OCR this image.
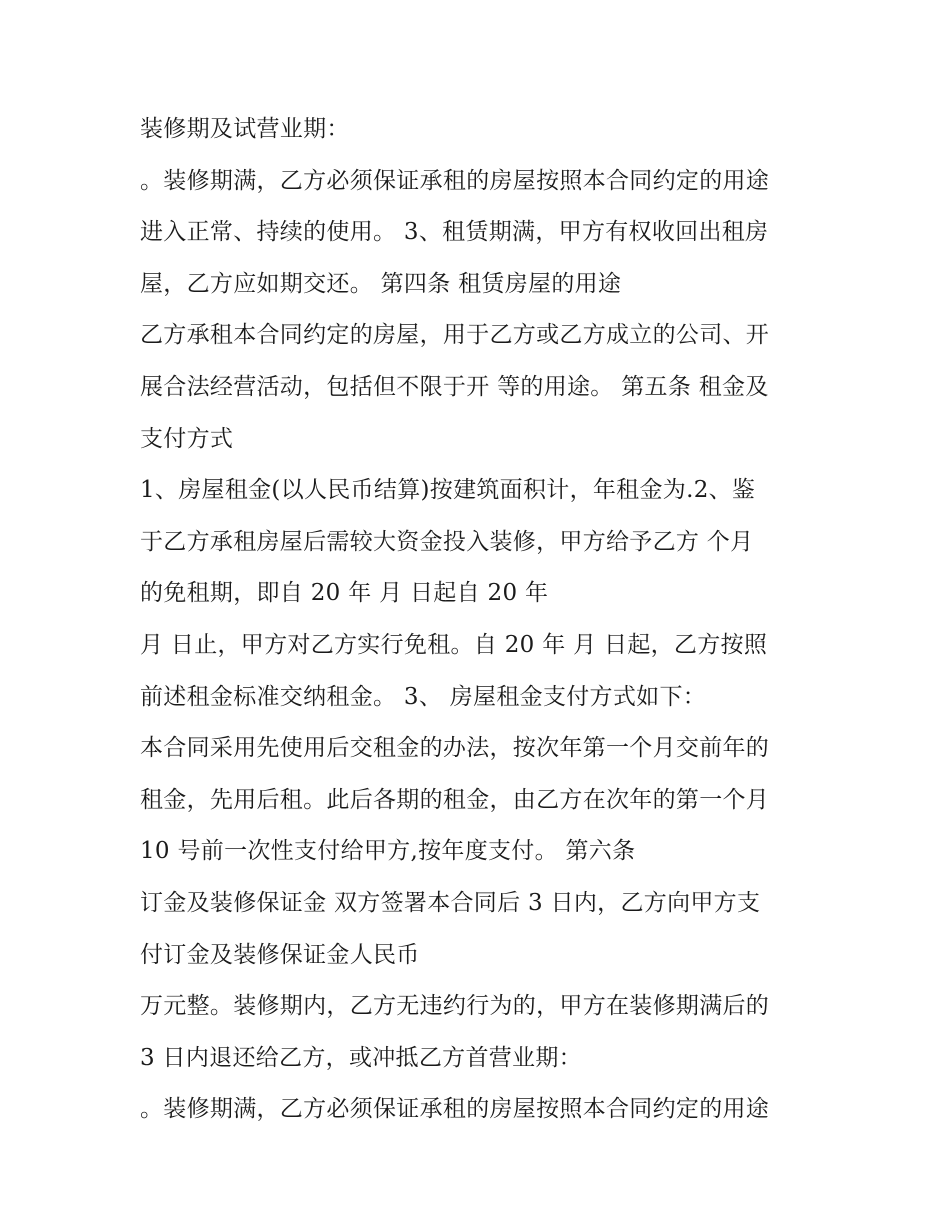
装修期及试营业期：
。装修期满，乙方必须保证承租的房屋按照本合同约定的用途
进入正常、持续的使用。 3、租赁期满，甲方有权收回出租房
屋，乙方应如期交还。 第四条 租赁房屋的用途
乙方承租本合同约定的房屋，用于乙方或乙方成立的公司、开
展合法经营活动，包括但不限于开 等的用途。 第五条 租金及
支付方式
1、房屋租金(以人民币结算)按建筑面积计，年租金为.2、鉴
于乙方承租房屋后需较大资金投入装修，甲方给予乙方 个月
的免租期，即自 20 年 月 日起自 20 年
月 日止，甲方对乙方实行免租。自 20 年 月 日起，乙方按照
前述租金标准交纳租金。 3、 房屋租金支付方式如下：
本合同采用先使用后交租金的办法，按次年第一个月交前年的
租金，先用后租。此后各期的租金，由乙方在次年的第一个月
10 号前一次性支付给甲方,按年度支付。 第六条
订金及装修保证金 双方签署本合同后 3 日内，乙方向甲方支
付订金及装修保证金人民币
万元整。装修期内，乙方无违约行为的，甲方在装修期满后的
3 日内退还给乙方，或冲抵乙方首营业期：
。装修期满，乙方必须保证承租的房屋按照本合同约定的用途
